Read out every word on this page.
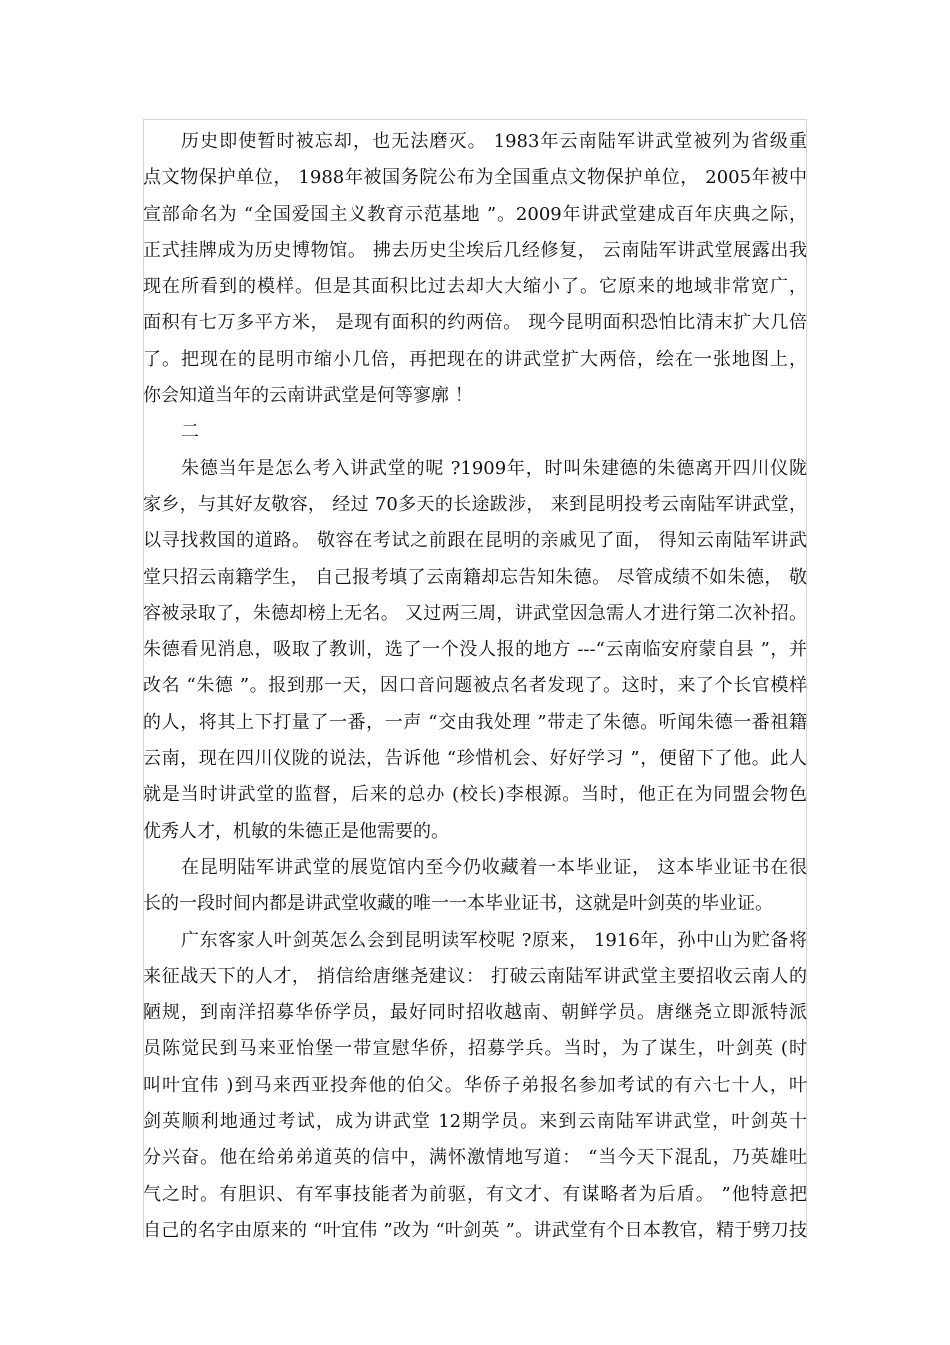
历史即使暂时被忘却，也无法磨灭。 1983年云南陆军讲武堂被列为省级重
点文物保护单位， 1988年被国务院公布为全国重点文物保护单位， 2005年被中
宣部命名为 “全国爱国主义教育示范基地 ”。2009年讲武堂建成百年庆典之际，
正式挂牌成为历史博物馆。 拂去历史尘埃后几经修复， 云南陆军讲武堂展露出我
现在所看到的模样。但是其面积比过去却大大缩小了。它原来的地域非常宽广，
面积有七万多平方米， 是现有面积的约两倍。 现今昆明面积恐怕比清末扩大几倍
了。把现在的昆明市缩小几倍，再把现在的讲武堂扩大两倍，绘在一张地图上，
你会知道当年的云南讲武堂是何等寥廓 ！
二
朱德当年是怎么考入讲武堂的呢 ?1909年，时叫朱建德的朱德离开四川仪陇
家乡，与其好友敬容， 经过 70多天的长途跋涉， 来到昆明投考云南陆军讲武堂，
以寻找救国的道路。 敬容在考试之前跟在昆明的亲戚见了面， 得知云南陆军讲武
堂只招云南籍学生， 自己报考填了云南籍却忘告知朱德。 尽管成绩不如朱德， 敬
容被录取了，朱德却榜上无名。 又过两三周，讲武堂因急需人才进行第二次补招。
朱德看见消息，吸取了教训，选了一个没人报的地方 ---“云南临安府蒙自县 ”，并
改名 “朱德 ”。报到那一天，因口音问题被点名者发现了。这时，来了个长官模样
的人，将其上下打量了一番，一声 “交由我处理 ”带走了朱德。听闻朱德一番祖籍
云南，现在四川仪陇的说法，告诉他 “珍惜机会、好好学习 ”，便留下了他。此人
就是当时讲武堂的监督，后来的总办 (校长)李根源。当时，他正在为同盟会物色
优秀人才，机敏的朱德正是他需要的。
在昆明陆军讲武堂的展览馆内至今仍收藏着一本毕业证， 这本毕业证书在很
长的一段时间内都是讲武堂收藏的唯一一本毕业证书，这就是叶剑英的毕业证。
广东客家人叶剑英怎么会到昆明读军校呢 ?原来， 1916年，孙中山为贮备将
来征战天下的人才， 捎信给唐继尧建议： 打破云南陆军讲武堂主要招收云南人的
陋规，到南洋招募华侨学员，最好同时招收越南、朝鲜学员。唐继尧立即派特派
员陈觉民到马来亚怡堡一带宣慰华侨，招募学兵。当时，为了谋生，叶剑英 (时
叫叶宜伟 )到马来西亚投奔他的伯父。华侨子弟报名参加考试的有六七十人，叶
剑英顺利地通过考试，成为讲武堂 12期学员。来到云南陆军讲武堂，叶剑英十
分兴奋。他在给弟弟道英的信中，满怀激情地写道： “当今天下混乱，乃英雄吐
气之时。有胆识、有军事技能者为前驱，有文才、有谋略者为后盾。 ”他特意把
自己的名字由原来的 “叶宜伟 ”改为 “叶剑英 ”。讲武堂有个日本教官，精于劈刀技
